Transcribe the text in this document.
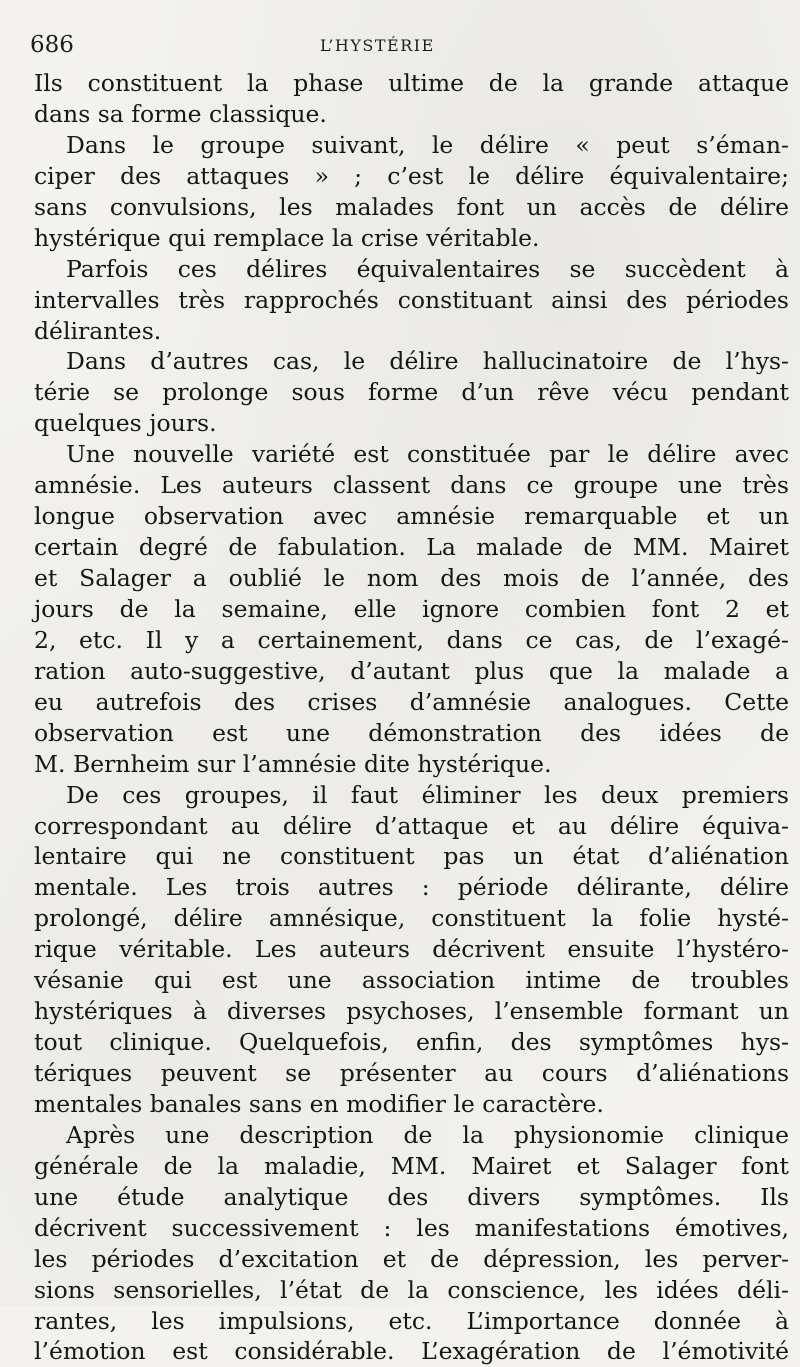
686	L’HYSTÉRIE
Ils constituent la phase ultime de la grande attaque
dans sa forme classique.
Dans le groupe suivant, le délire « peut s’éman-
ciper des attaques » ; c’est le délire équivalentaire;
sans convulsions, les malades font un accès de délire
hystérique qui remplace la crise véritable.
Parfois ces délires équivalentaires se succèdent à
intervalles très rapprochés constituant ainsi des périodes
délirantes.
Dans d’autres cas, le délire hallucinatoire de l’hys-
térie se prolonge sous forme d’un rêve vécu pendant
quelques jours.
Une nouvelle variété est constituée par le délire avec
amnésie. Les auteurs classent dans ce groupe une très
longue observation avec amnésie remarquable et un
certain degré de fabulation. La malade de MM. Mairet
et Salager a oublié le nom des mois de l’année, des
jours de la semaine, elle ignore combien font 2 et
2, etc. Il y a certainement, dans ce cas, de l’exagé-
ration auto-suggestive, d’autant plus que la malade a
eu autrefois des crises d’amnésie analogues. Cette
observation est une démonstration des idées de
M. Bernheim sur l’amnésie dite hystérique.
De ces groupes, il faut éliminer les deux premiers
correspondant au délire d’attaque et au délire équiva-
lentaire qui ne constituent pas un état d’aliénation
mentale. Les trois autres : période délirante, délire
prolongé, délire amnésique, constituent la folie hysté-
rique véritable. Les auteurs décrivent ensuite l’hystéro-
vésanie qui est une association intime de troubles
hystériques à diverses psychoses, l’ensemble formant un
tout clinique. Quelquefois, enfin, des symptômes hys-
tériques peuvent se présenter au cours d’aliénations
mentales banales sans en modifier le caractère.
Après une description de la physionomie clinique
générale de la maladie, MM. Mairet et Salager font
une étude analytique des divers symptômes. Ils
décrivent successivement : les manifestations émotives,
les périodes d’excitation et de dépression, les perver-
sions sensorielles, l’état de la conscience, les idées déli-
rantes, les impulsions, etc. L’importance donnée à
l’émotion est considérable. L’exagération de l’émotivité
